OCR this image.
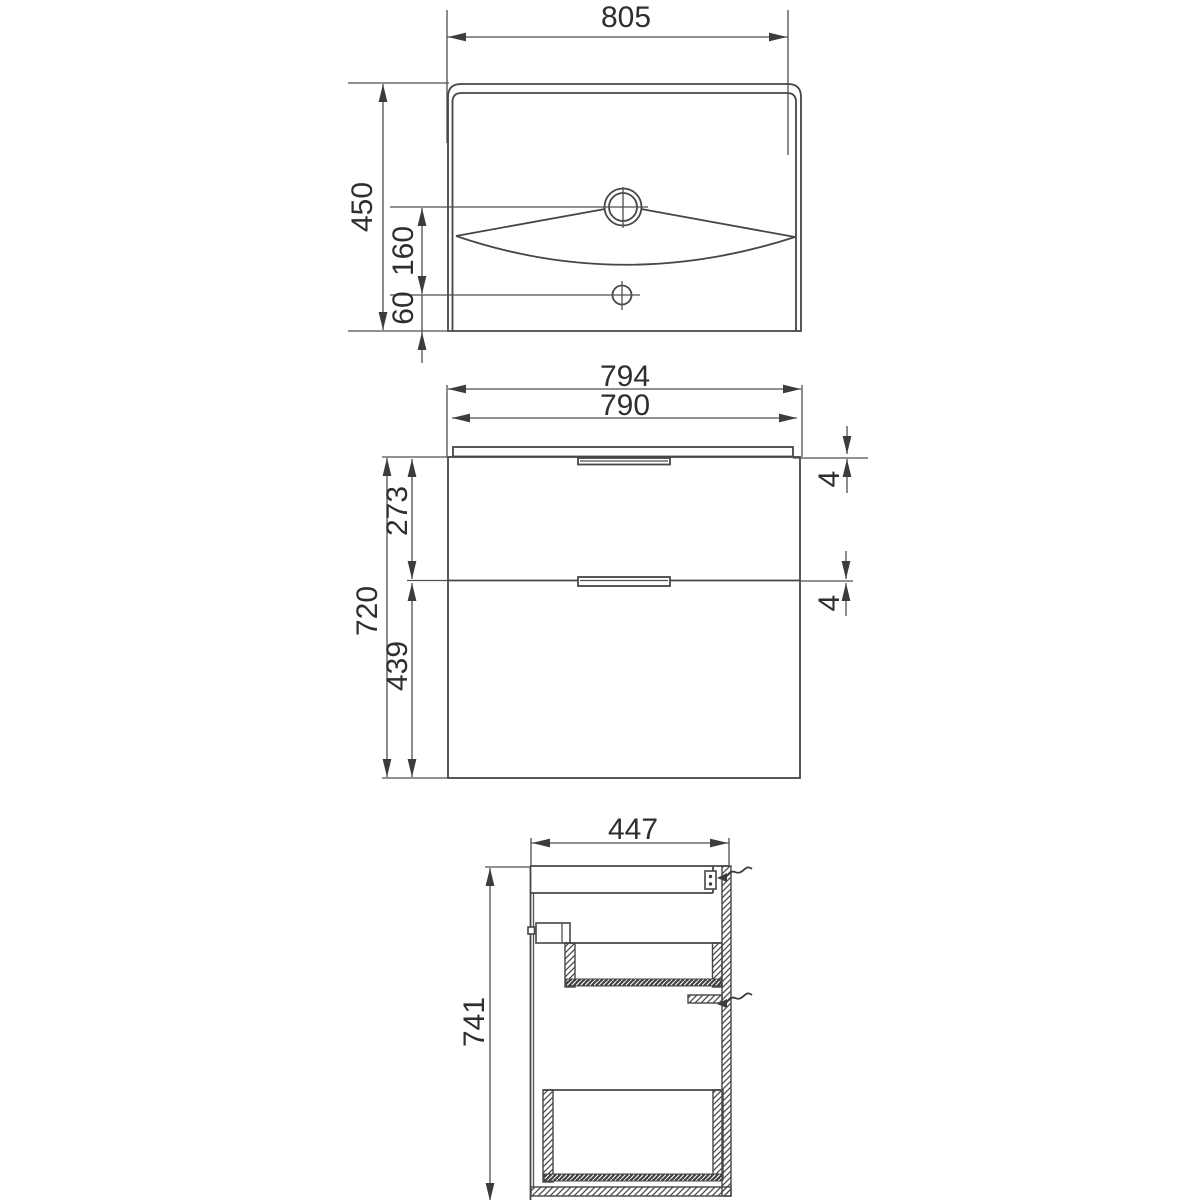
805
450
160
60
794
790
720
273
439
4
4
447
741
